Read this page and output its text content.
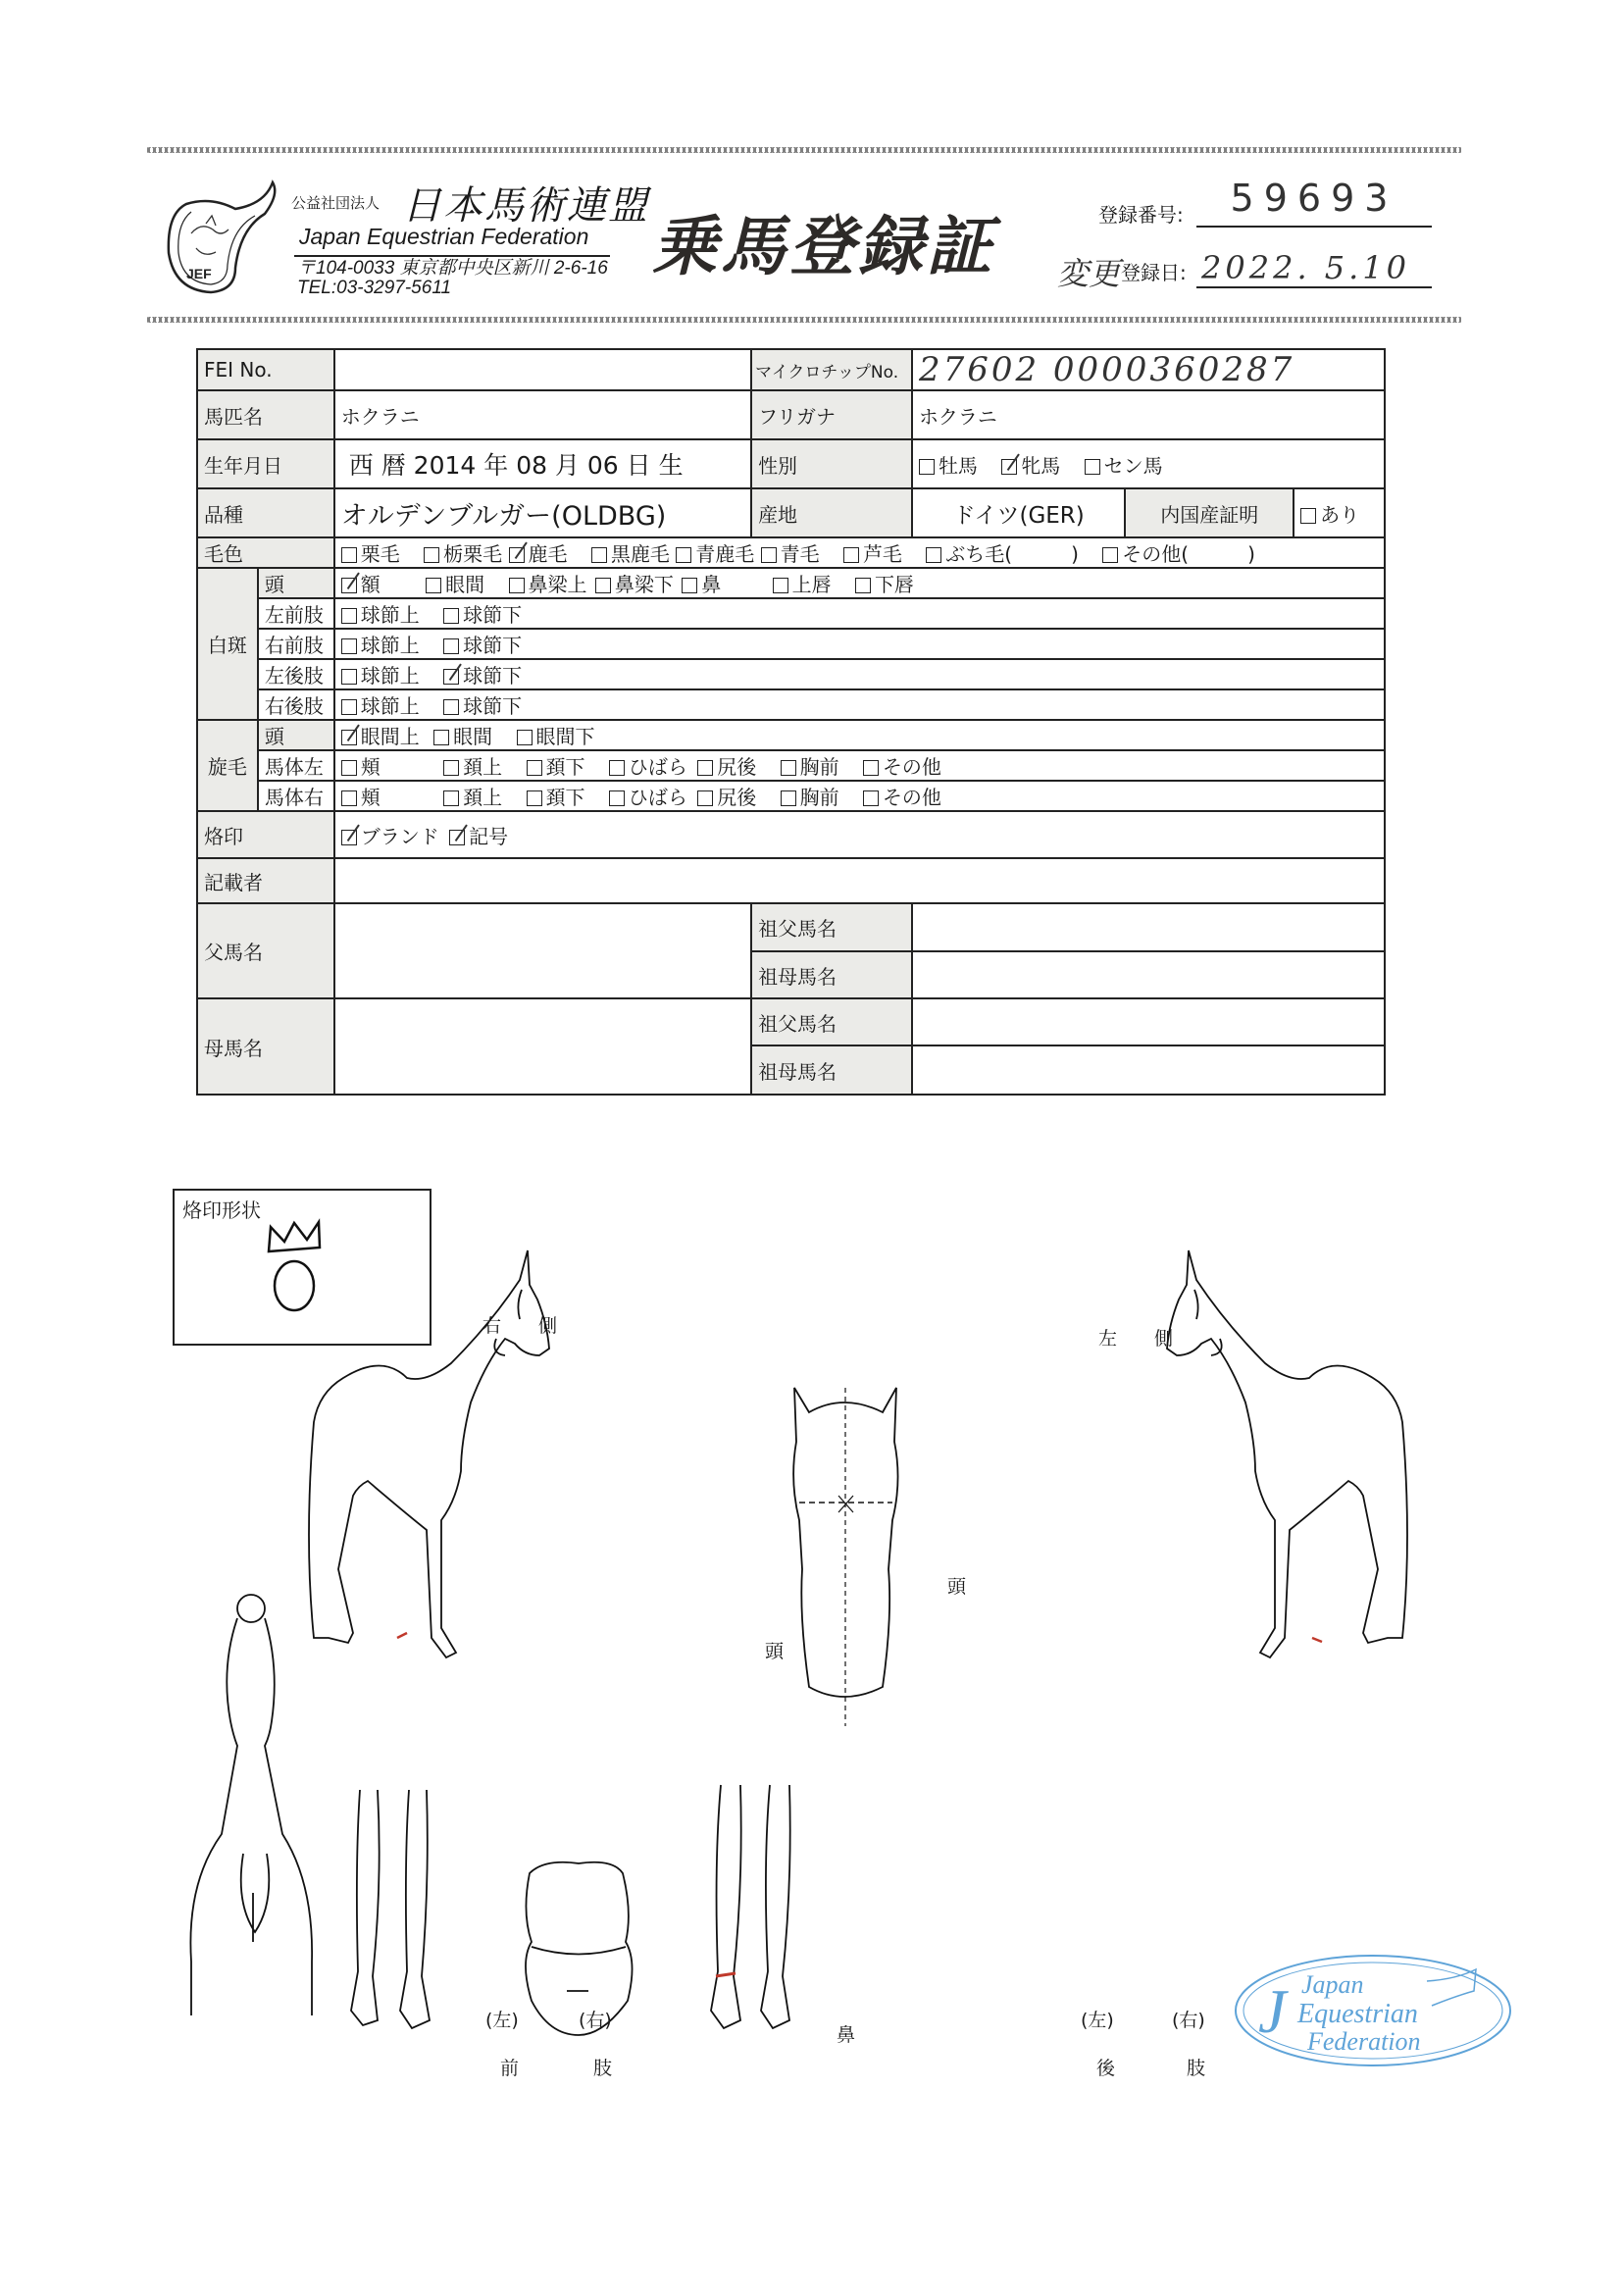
JEF
公益社団法人 日本馬術連盟
Japan Equestrian Federation
〒104-0033 東京都中央区新川 2-6-16
TEL:03-3297-5611
乗馬登録証	登録番号:	59693
変更 登録日: 2022. 5.10
FEI No.			マイクロチップNo.	27602 0000360287		
馬匹名		ホクラニ	フリガナ	ホクラニ		
生年月日		西 暦 2014 年 08 月 06 日 生	性別	牡馬 牝馬 セン馬		
品種		オルデンブルガー(OLDBG)	産地	ドイツ(GER)	内国産証明	あり
毛色		栗毛 栃栗毛 鹿毛 黒鹿毛 青鹿毛 青毛 芦毛 ぶち毛(　　　) その他(　　　)				
白斑	頭	額 眼間 鼻梁上 鼻梁下 鼻 上唇 下唇				
	左前肢	球節上 球節下				
	右前肢	球節上 球節下				
	左後肢	球節上 球節下				
	右後肢	球節上 球節下				
旋毛	頭	眼間上 眼間 眼間下				
	馬体左	頬 頚上 頚下 ひばら 尻後 胸前 その他				
	馬体右	頬 頚上 頚下 ひばら 尻後 胸前 その他				
烙印		ブランド 記号				
記載者						
父馬名			祖父馬名			
			祖母馬名			
母馬名			祖父馬名			
			祖母馬名			
烙印形状
頭
右　　側
左　　側
頭
(左)	(右)
前	肢
鼻
(左)	(右)
後	肢
J Japan
Equestrian
Federation
